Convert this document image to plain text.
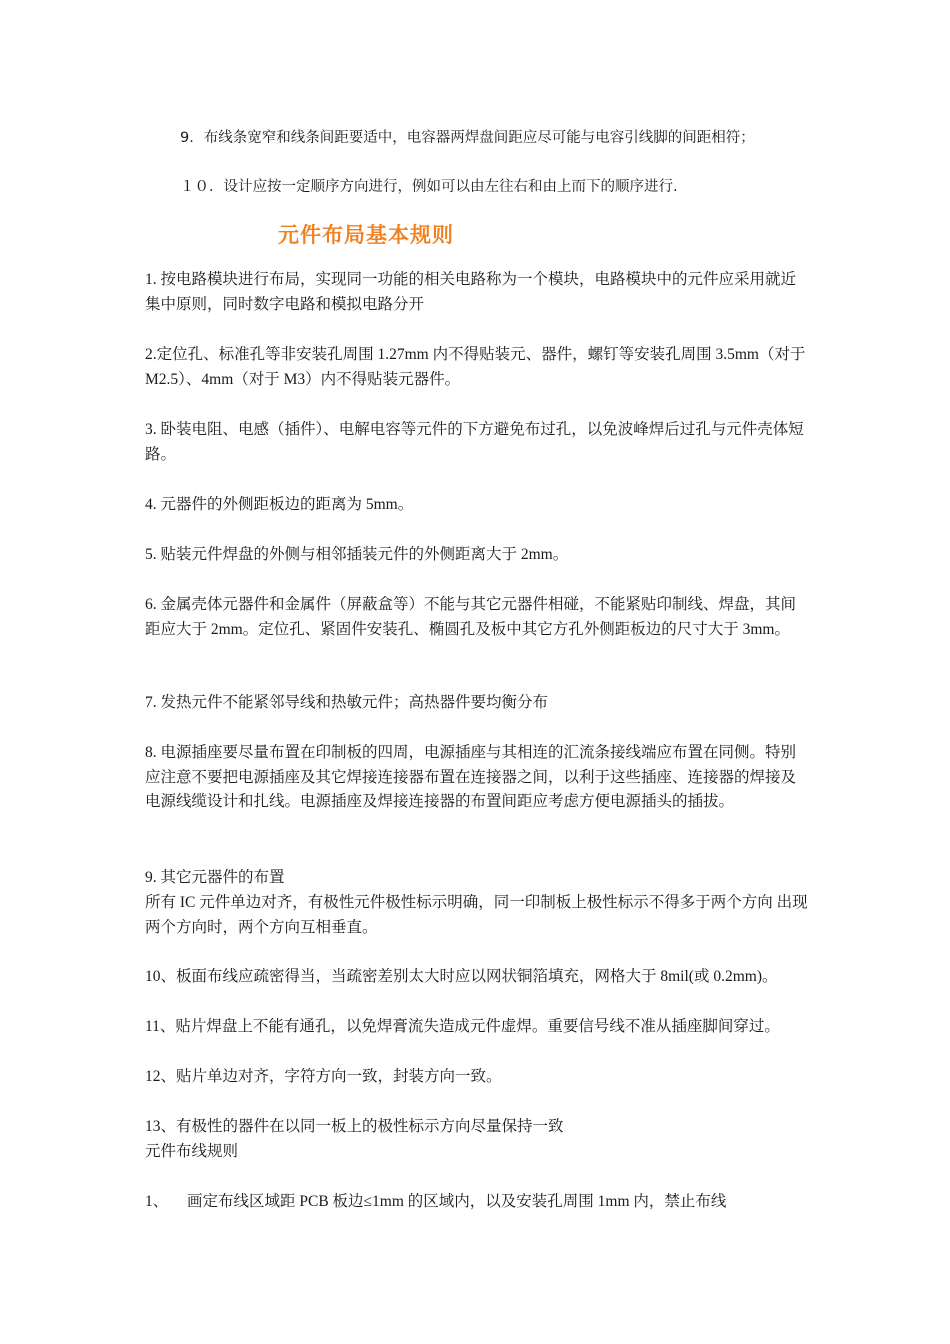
9．布线条宽窄和线条间距要适中，电容器两焊盘间距应尽可能与电容引线脚的间距相符；
１０．设计应按一定顺序方向进行，例如可以由左往右和由上而下的顺序进行.
元件布局基本规则
1. 按电路模块进行布局，实现同一功能的相关电路称为一个模块，电路模块中的元件应采用就近集中原则，同时数字电路和模拟电路分开
2.定位孔、标准孔等非安装孔周围 1.27mm 内不得贴装元、器件，螺钉等安装孔周围 3.5mm（对于 M2.5）、4mm（对于 M3）内不得贴装元器件。
3. 卧装电阻、电感（插件）、电解电容等元件的下方避免布过孔，以免波峰焊后过孔与元件壳体短路。
4. 元器件的外侧距板边的距离为 5mm。
5. 贴装元件焊盘的外侧与相邻插装元件的外侧距离大于 2mm。
6. 金属壳体元器件和金属件（屏蔽盒等）不能与其它元器件相碰，不能紧贴印制线、焊盘，其间距应大于 2mm。定位孔、紧固件安装孔、椭圆孔及板中其它方孔外侧距板边的尺寸大于 3mm。
7. 发热元件不能紧邻导线和热敏元件；高热器件要均衡分布
8. 电源插座要尽量布置在印制板的四周，电源插座与其相连的汇流条接线端应布置在同侧。特别应注意不要把电源插座及其它焊接连接器布置在连接器之间，以利于这些插座、连接器的焊接及电源线缆设计和扎线。电源插座及焊接连接器的布置间距应考虑方便电源插头的插拔。
9. 其它元器件的布置
所有 IC 元件单边对齐，有极性元件极性标示明确，同一印制板上极性标示不得多于两个方向 出现两个方向时，两个方向互相垂直。
10、板面布线应疏密得当，当疏密差别太大时应以网状铜箔填充，网格大于 8mil(或 0.2mm)。
11、贴片焊盘上不能有通孔，以免焊膏流失造成元件虚焊。重要信号线不准从插座脚间穿过。
12、贴片单边对齐，字符方向一致，封装方向一致。
13、有极性的器件在以同一板上的极性标示方向尽量保持一致
元件布线规则
1、 画定布线区域距 PCB 板边≤1mm 的区域内，以及安装孔周围 1mm 内，禁止布线
